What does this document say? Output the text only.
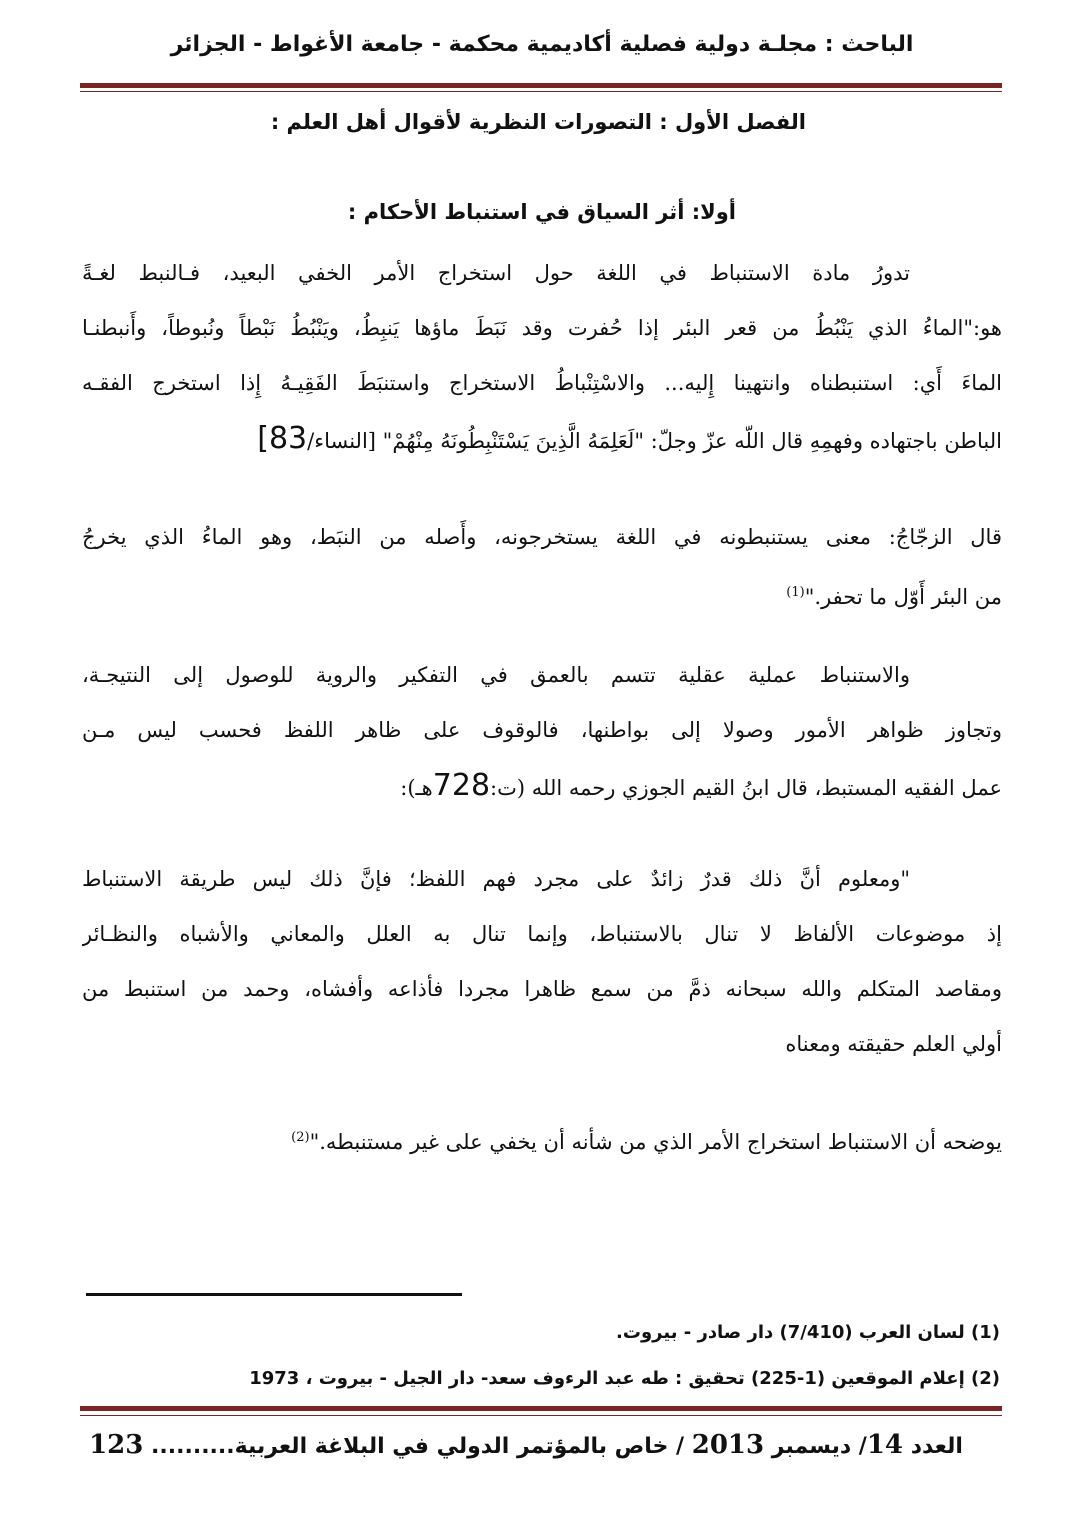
الباحث : مجلـة دولية فصلية أكاديمية محكمة - جامعة الأغواط - الجزائر
الفصل الأول : التصورات النظرية لأقوال أهل العلم :
أولا: أثر السياق في استنباط الأحكام :
تدورُ مادة الاستنباط في اللغة حول استخراج الأمر الخفي البعيد، فـالنبط لغـةً
هو:"الماءُ الذي يَنْبُطُ من قعر البئر إذا حُفرت وقد نَبَطَ ماؤها يَنبِطُ، ويَنْبُطُ نَبْطاً ونُبوطاً، وأَنبطنـا
الماءَ أَي: استنبطناه وانتهينا إِليه... والاسْتِنْباطُ الاستخراج واستنبَطَ الفَقِيـهُ إِذا استخرج الفقـه
الباطن باجتهاده وفهمِهِ قال اللّه عزّ وجلّ: "لَعَلِمَهُ الَّذِينَ يَسْتَنْبِطُونَهُ مِنْهُمْ" [النساء/83]
قال الزجّاجُ: معنى يستنبطونه في اللغة يستخرجونه، وأَصله من النبَط، وهو الماءُ الذي يخرجُ
من البئر أَوّل ما تحفر."$^{(1)}$
والاستنباط عملية عقلية تتسم بالعمق في التفكير والروية للوصول إلى النتيجـة،
وتجاوز ظواهر الأمور وصولا إلى بواطنها، فالوقوف على ظاهر اللفظ فحسب ليس مـن
عمل الفقيه المستبط، قال ابنُ القيم الجوزي رحمه الله (ت:728هـ):
"ومعلوم أنَّ ذلك قدرٌ زائدٌ على مجرد فهم اللفظ؛ فإنَّ ذلك ليس طريقة الاستنباط
إذ موضوعات الألفاظ لا تنال بالاستنباط، وإنما تنال به العلل والمعاني والأشباه والنظـائر
ومقاصد المتكلم والله سبحانه ذمَّ من سمع ظاهرا مجردا فأذاعه وأفشاه، وحمد من استنبط من
أولي العلم حقيقته ومعناه
يوضحه أن الاستنباط استخراج الأمر الذي من شأنه أن يخفي على غير مستنبطه."$^{(2)}$
(1) لسان العرب (7/410) دار صادر - بيروت.
(2) إعلام الموقعين (1-225) تحقيق : طه عبد الرءوف سعد- دار الجيل - بيروت ، 1973
العدد 14/ ديسمبر 2013 / خاص بالمؤتمر الدولي في البلاغة العربية.......... 123
